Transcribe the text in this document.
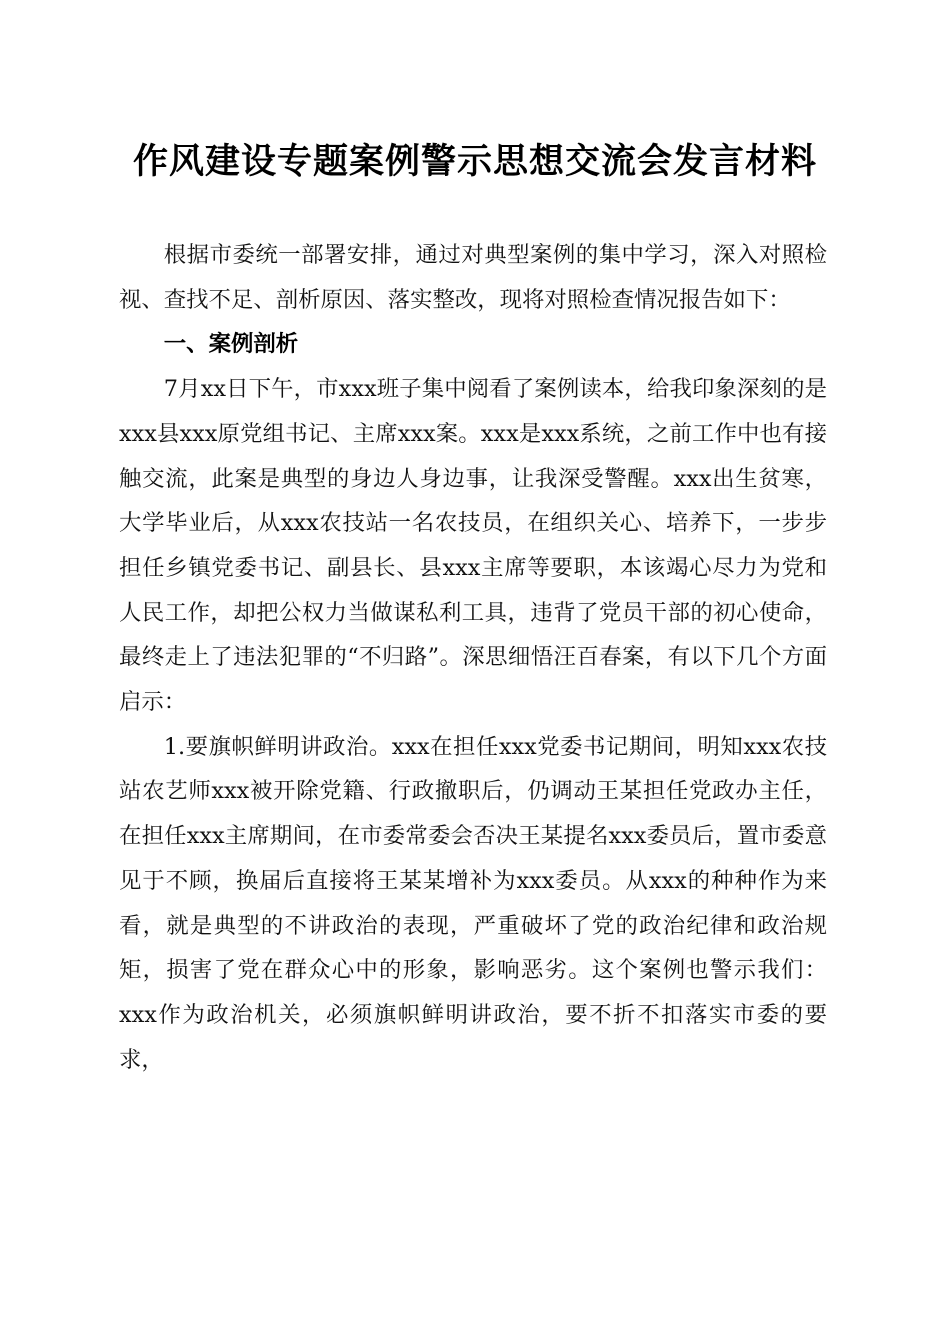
作风建设专题案例警示思想交流会发言材料

根据市委统一部署安排，通过对典型案例的集中学习，深入对照检视、查找不足、剖析原因、落实整改，现将对照检查情况报告如下：

一、案例剖析

7月xx日下午，市xxx班子集中阅看了案例读本，给我印象深刻的是xxx县xxx原党组书记、主席xxx案。xxx是xxx系统，之前工作中也有接触交流，此案是典型的身边人身边事，让我深受警醒。xxx出生贫寒，大学毕业后，从xxx农技站一名农技员，在组织关心、培养下，一步步担任乡镇党委书记、副县长、县xxx主席等要职，本该竭心尽力为党和人民工作，却把公权力当做谋私利工具，违背了党员干部的初心使命，最终走上了违法犯罪的“不归路”。深思细悟汪百春案，有以下几个方面启示：

1.要旗帜鲜明讲政治。xxx在担任xxx党委书记期间，明知xxx农技站农艺师xxx被开除党籍、行政撤职后，仍调动王某担任党政办主任，在担任xxx主席期间，在市委常委会否决王某提名xxx委员后，置市委意见于不顾，换届后直接将王某某增补为xxx委员。从xxx的种种作为来看，就是典型的不讲政治的表现，严重破坏了党的政治纪律和政治规矩，损害了党在群众心中的形象，影响恶劣。这个案例也警示我们：xxx作为政治机关，必须旗帜鲜明讲政治，要不折不扣落实市委的要求，
